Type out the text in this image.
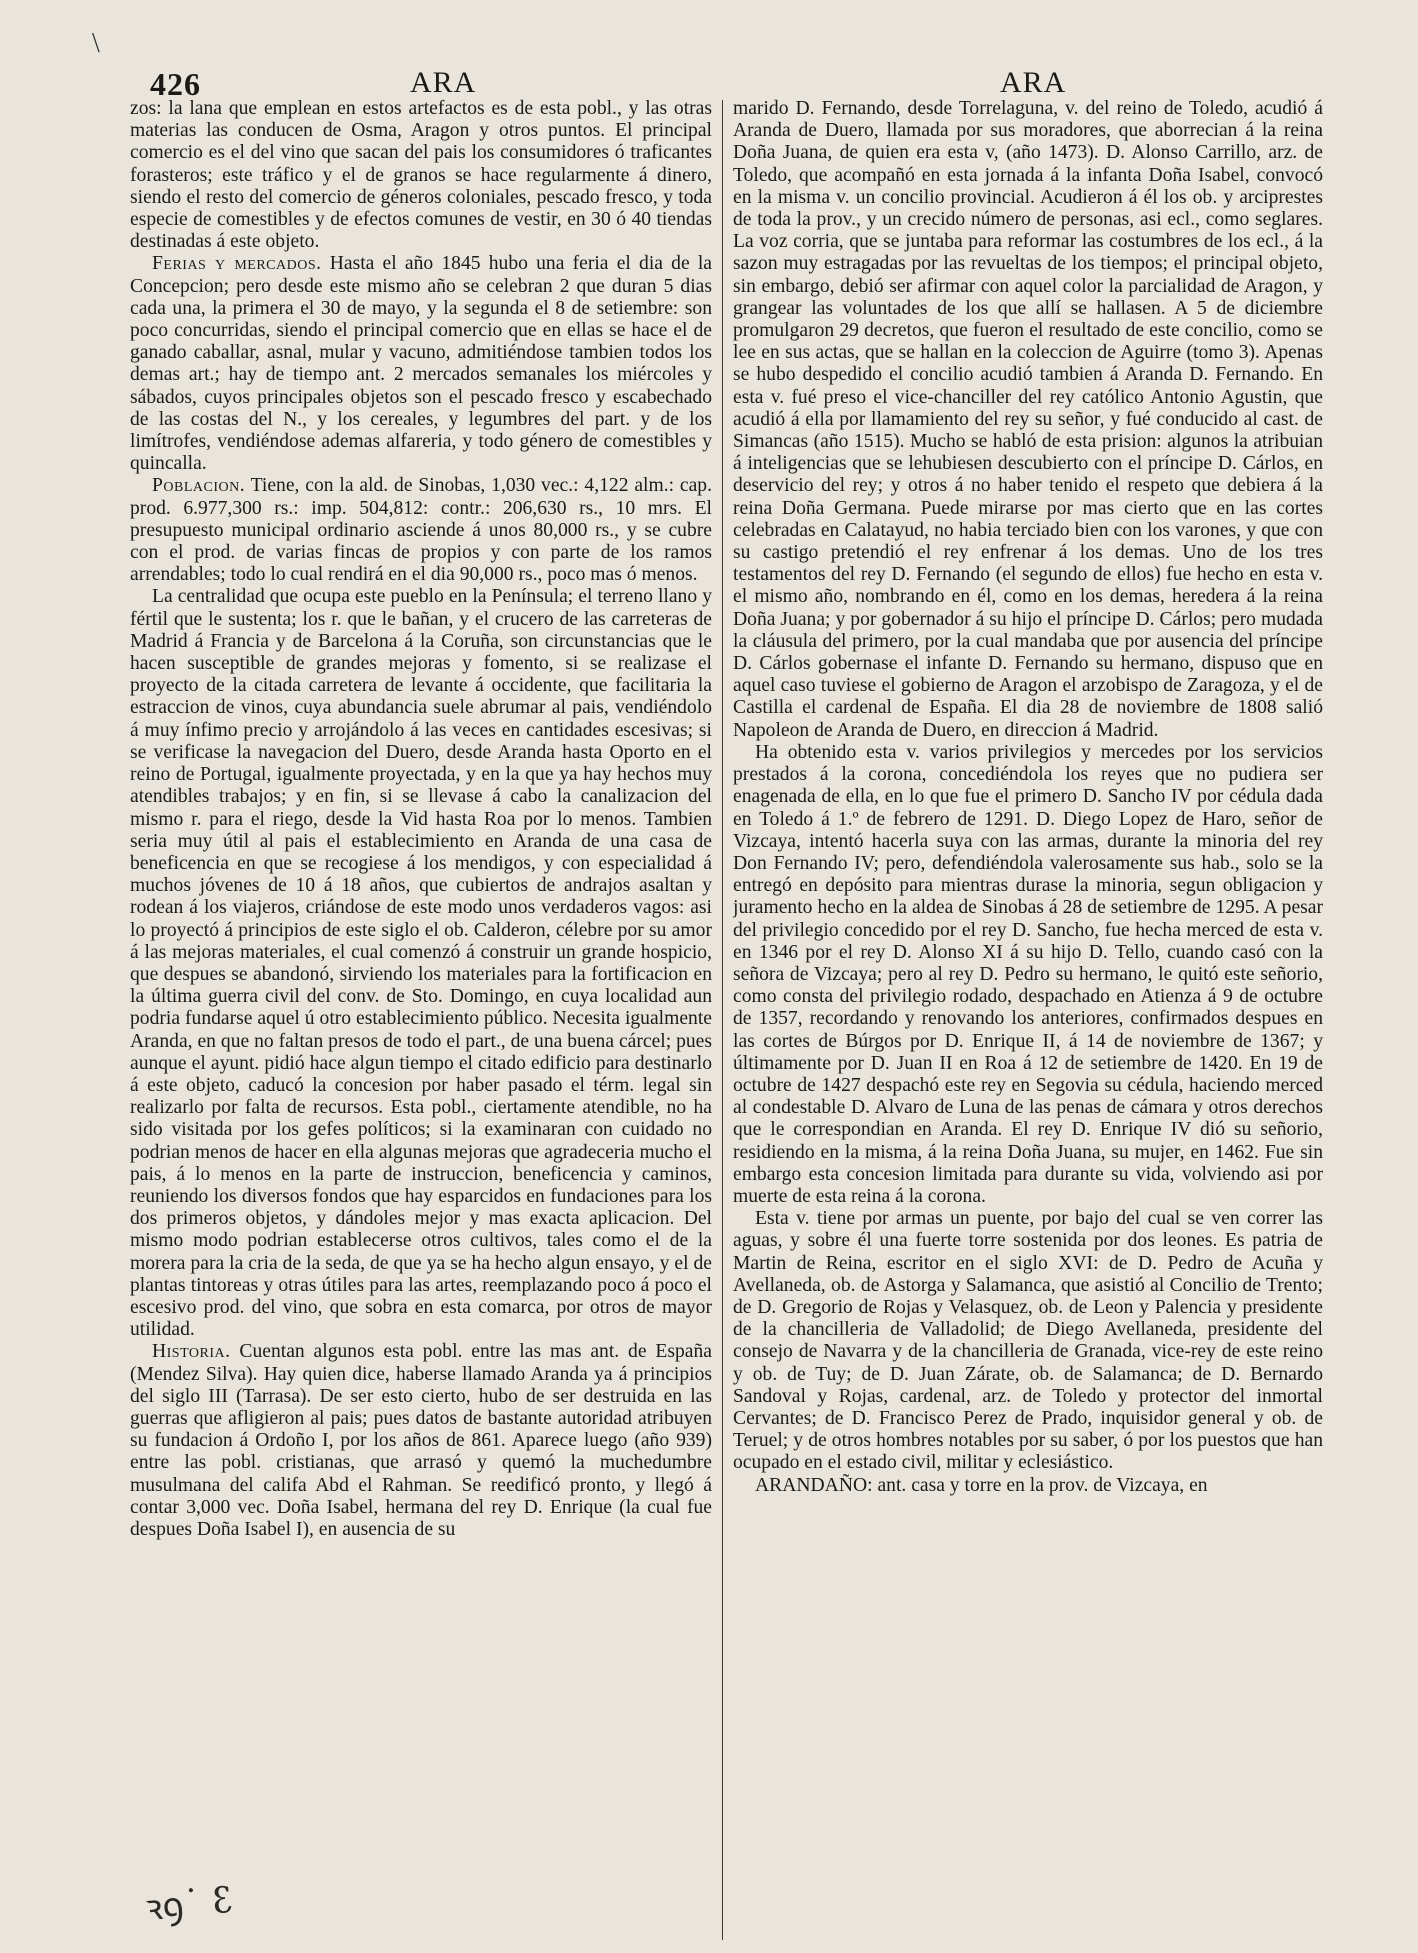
\
426	ARA	ARA

zos: la lana que emplean en estos artefactos es de esta pobl., y las otras materias las conducen de Osma, Aragon y otros puntos. El principal comercio es el del vino que sacan del pais los consumidores ó traficantes forasteros; este tráfico y el de granos se hace regularmente á dinero, siendo el resto del comercio de géneros coloniales, pescado fresco, y toda especie de comestibles y de efectos comunes de vestir, en 30 ó 40 tiendas destinadas á este objeto.

Ferias y mercados. Hasta el año 1845 hubo una feria el dia de la Concepcion; pero desde este mismo año se celebran 2 que duran 5 dias cada una, la primera el 30 de mayo, y la segunda el 8 de setiembre: son poco concurridas, siendo el principal comercio que en ellas se hace el de ganado caballar, asnal, mular y vacuno, admitiéndose tambien todos los demas art.; hay de tiempo ant. 2 mercados semanales los miércoles y sábados, cuyos principales objetos son el pescado fresco y escabechado de las costas del N., y los cereales, y legumbres del part. y de los limítrofes, vendiéndose ademas alfareria, y todo género de comestibles y quincalla.

Poblacion. Tiene, con la ald. de Sinobas, 1,030 vec.: 4,122 alm.: cap. prod. 6.977,300 rs.: imp. 504,812: contr.: 206,630 rs., 10 mrs. El presupuesto municipal ordinario asciende á unos 80,000 rs., y se cubre con el prod. de varias fincas de propios y con parte de los ramos arrendables; todo lo cual rendirá en el dia 90,000 rs., poco mas ó menos.

La centralidad que ocupa este pueblo en la Península; el terreno llano y fértil que le sustenta; los r. que le bañan, y el crucero de las carreteras de Madrid á Francia y de Barcelona á la Coruña, son circunstancias que le hacen susceptible de grandes mejoras y fomento, si se realizase el proyecto de la citada carretera de levante á occidente, que facilitaria la estraccion de vinos, cuya abundancia suele abrumar al pais, vendiéndolo á muy ínfimo precio y arrojándolo á las veces en cantidades escesivas; si se verificase la navegacion del Duero, desde Aranda hasta Oporto en el reino de Portugal, igualmente proyectada, y en la que ya hay hechos muy atendibles trabajos; y en fin, si se llevase á cabo la canalizacion del mismo r. para el riego, desde la Vid hasta Roa por lo menos. Tambien seria muy útil al pais el establecimiento en Aranda de una casa de beneficencia en que se recogiese á los mendigos, y con especialidad á muchos jóvenes de 10 á 18 años, que cubiertos de andrajos asaltan y rodean á los viajeros, criándose de este modo unos verdaderos vagos: asi lo proyectó á principios de este siglo el ob. Calderon, célebre por su amor á las mejoras materiales, el cual comenzó á construir un grande hospicio, que despues se abandonó, sirviendo los materiales para la fortificacion en la última guerra civil del conv. de Sto. Domingo, en cuya localidad aun podria fundarse aquel ú otro establecimiento público. Necesita igualmente Aranda, en que no faltan presos de todo el part., de una buena cárcel; pues aunque el ayunt. pidió hace algun tiempo el citado edificio para destinarlo á este objeto, caducó la concesion por haber pasado el térm. legal sin realizarlo por falta de recursos. Esta pobl., ciertamente atendible, no ha sido visitada por los gefes políticos; si la examinaran con cuidado no podrian menos de hacer en ella algunas mejoras que agradeceria mucho el pais, á lo menos en la parte de instruccion, beneficencia y caminos, reuniendo los diversos fondos que hay esparcidos en fundaciones para los dos primeros objetos, y dándoles mejor y mas exacta aplicacion. Del mismo modo podrian establecerse otros cultivos, tales como el de la morera para la cria de la seda, de que ya se ha hecho algun ensayo, y el de plantas tintoreas y otras útiles para las artes, reemplazando poco á poco el escesivo prod. del vino, que sobra en esta comarca, por otros de mayor utilidad.

Historia. Cuentan algunos esta pobl. entre las mas ant. de España (Mendez Silva). Hay quien dice, haberse llamado Aranda ya á principios del siglo III (Tarrasa). De ser esto cierto, hubo de ser destruida en las guerras que afligieron al pais; pues datos de bastante autoridad atribuyen su fundacion á Ordoño I, por los años de 861. Aparece luego (año 939) entre las pobl. cristianas, que arrasó y quemó la muchedumbre musulmana del califa Abd el Rahman. Se reedificó pronto, y llegó á contar 3,000 vec. Doña Isabel, hermana del rey D. Enrique (la cual fue despues Doña Isabel I), en ausencia de su

marido D. Fernando, desde Torrelaguna, v. del reino de Toledo, acudió á Aranda de Duero, llamada por sus moradores, que aborrecian á la reina Doña Juana, de quien era esta v, (año 1473). D. Alonso Carrillo, arz. de Toledo, que acompañó en esta jornada á la infanta Doña Isabel, convocó en la misma v. un concilio provincial. Acudieron á él los ob. y arciprestes de toda la prov., y un crecido número de personas, asi ecl., como seglares. La voz corria, que se juntaba para reformar las costumbres de los ecl., á la sazon muy estragadas por las revueltas de los tiempos; el principal objeto, sin embargo, debió ser afirmar con aquel color la parcialidad de Aragon, y grangear las voluntades de los que allí se hallasen. A 5 de diciembre promulgaron 29 decretos, que fueron el resultado de este concilio, como se lee en sus actas, que se hallan en la coleccion de Aguirre (tomo 3). Apenas se hubo despedido el concilio acudió tambien á Aranda D. Fernando. En esta v. fué preso el vice-chanciller del rey católico Antonio Agustin, que acudió á ella por llamamiento del rey su señor, y fué conducido al cast. de Simancas (año 1515). Mucho se habló de esta prision: algunos la atribuian á inteligencias que se lehubiesen descubierto con el príncipe D. Cárlos, en deservicio del rey; y otros á no haber tenido el respeto que debiera á la reina Doña Germana. Puede mirarse por mas cierto que en las cortes celebradas en Calatayud, no habia terciado bien con los varones, y que con su castigo pretendió el rey enfrenar á los demas. Uno de los tres testamentos del rey D. Fernando (el segundo de ellos) fue hecho en esta v. el mismo año, nombrando en él, como en los demas, heredera á la reina Doña Juana; y por gobernador á su hijo el príncipe D. Cárlos; pero mudada la cláusula del primero, por la cual mandaba que por ausencia del príncipe D. Cárlos gobernase el infante D. Fernando su hermano, dispuso que en aquel caso tuviese el gobierno de Aragon el arzobispo de Zaragoza, y el de Castilla el cardenal de España. El dia 28 de noviembre de 1808 salió Napoleon de Aranda de Duero, en direccion á Madrid.

Ha obtenido esta v. varios privilegios y mercedes por los servicios prestados á la corona, concediéndola los reyes que no pudiera ser enagenada de ella, en lo que fue el primero D. Sancho IV por cédula dada en Toledo á 1.º de febrero de 1291. D. Diego Lopez de Haro, señor de Vizcaya, intentó hacerla suya con las armas, durante la minoria del rey Don Fernando IV; pero, defendiéndola valerosamente sus hab., solo se la entregó en depósito para mientras durase la minoria, segun obligacion y juramento hecho en la aldea de Sinobas á 28 de setiembre de 1295. A pesar del privilegio concedido por el rey D. Sancho, fue hecha merced de esta v. en 1346 por el rey D. Alonso XI á su hijo D. Tello, cuando casó con la señora de Vizcaya; pero al rey D. Pedro su hermano, le quitó este señorio, como consta del privilegio rodado, despachado en Atienza á 9 de octubre de 1357, recordando y renovando los anteriores, confirmados despues en las cortes de Búrgos por D. Enrique II, á 14 de noviembre de 1367; y últimamente por D. Juan II en Roa á 12 de setiembre de 1420. En 19 de octubre de 1427 despachó este rey en Segovia su cédula, haciendo merced al condestable D. Alvaro de Luna de las penas de cámara y otros derechos que le correspondian en Aranda. El rey D. Enrique IV dió su señorio, residiendo en la misma, á la reina Doña Juana, su mujer, en 1462. Fue sin embargo esta concesion limitada para durante su vida, volviendo asi por muerte de esta reina á la corona.

Esta v. tiene por armas un puente, por bajo del cual se ven correr las aguas, y sobre él una fuerte torre sostenida por dos leones. Es patria de Martin de Reina, escritor en el siglo XVI: de D. Pedro de Acuña y Avellaneda, ob. de Astorga y Salamanca, que asistió al Concilio de Trento; de D. Gregorio de Rojas y Velasquez, ob. de Leon y Palencia y presidente de la chancilleria de Valladolid; de Diego Avellaneda, presidente del consejo de Navarra y de la chancilleria de Granada, vice-rey de este reino y ob. de Tuy; de D. Juan Zárate, ob. de Salamanca; de D. Bernardo Sandoval y Rojas, cardenal, arz. de Toledo y protector del inmortal Cervantes; de D. Francisco Perez de Prado, inquisidor general y ob. de Teruel; y de otros hombres notables por su saber, ó por los puestos que han ocupado en el estado civil, militar y eclesiástico.

ARANDAÑO: ant. casa y torre en la prov. de Vizcaya, en

ꝛꝯ˙ ꜫ
